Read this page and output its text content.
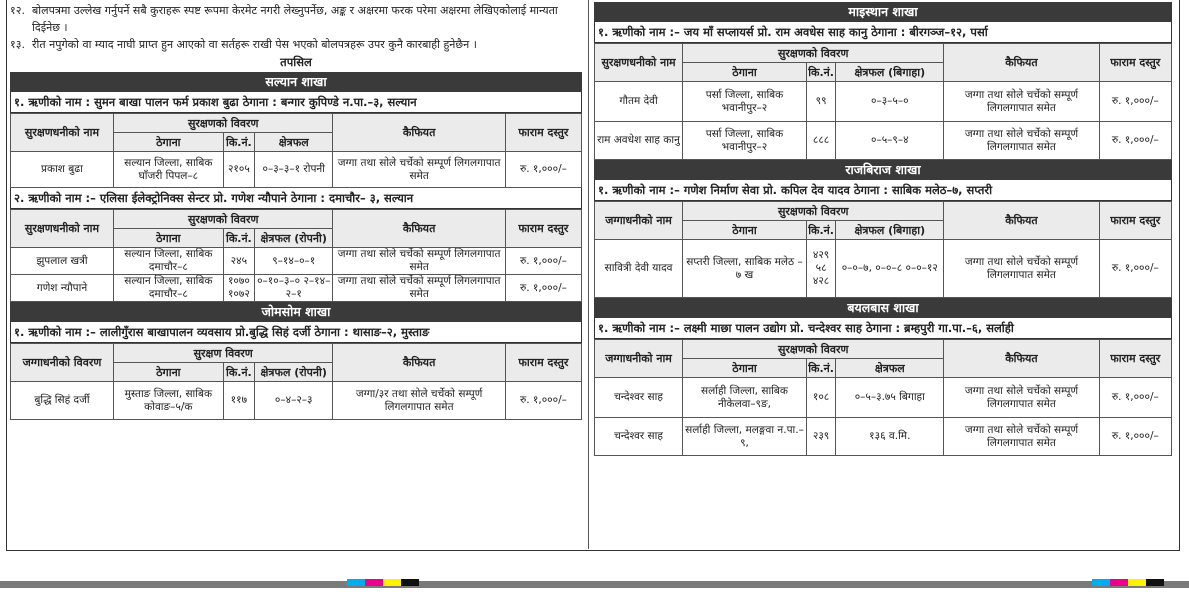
१२. बोलपत्रमा उल्लेख गर्नुपर्ने सबै कुराहरू स्पष्ट रूपमा केरमेट नगरी लेख्नुपर्नेछ, अङ्क र अक्षरमा फरक परेमा अक्षरमा लेखिएकोलाई मान्यता दिईनेछ ।
१३. रीत नपुगेको वा म्याद नाघी प्राप्त हुन आएको वा सर्तहरू राखी पेस भएको बोलपत्रहरू उपर कुनै कारबाही हुनेछैन ।
तपसिल
सल्यान शाखा
१. ऋणीको नाम : सुमन बाखा पालन फर्म प्रकाश बुढा ठेगाना : बन्गार कुपिण्डे न.पा.–३, सल्यान
सुरक्षणधनीको नाम	सुरक्षणको विवरण			कैफियत	फाराम दस्तुर
	ठेगाना	कि.नं.	क्षेत्रफल		
प्रकाश बुढा	सल्यान जिल्ला, साबिक घाँजरी पिपल–८	२१०५	०–३–३–१ रोपनी	जग्गा तथा सोले चर्चेको सम्पूर्ण लिगलगापात समेत	रु. १,०००/–
२. ऋणीको नाम :– एलिसा ईलेक्ट्रोनिक्स सेन्टर प्रो. गणेश न्यौपाने ठेगाना : दमाचौर– ३, सल्यान
सुरक्षणधनीको नाम	सुरक्षणको विवरण			कैफियत	फाराम दस्तुर
	ठेगाना	कि.नं.	क्षेत्रफल (रोपनी)		
झुपलाल खत्री	सल्यान जिल्ला, साबिक दमाचौर–८	२४५	९–१४–०–१	जग्गा तथा सोले चर्चेको सम्पूर्ण लिगलगापात समेत	रु. १,०००/–
गणेश न्यौपाने	सल्यान जिल्ला, साबिक दमाचौर–८	१०७० १०७२	०–१०–३–० २–१४–२–१	जग्गा तथा सोले चर्चेको सम्पूर्ण लिगलगापात समेत	रु. १,०००/–
जोमसोम शाखा
१. ऋणीको नाम :– लालीगुँरास बाखापालन व्यवसाय प्रो.बुद्धि सिहं दर्जी ठेगाना : थासाङ–२, मुस्ताङ
जग्गाधनीको विवरण	सुरक्षण विवरण			कैफियत	फाराम दस्तुर
	ठेगाना	कि.नं.	क्षेत्रफल (रोपनी)		
बुद्धि सिहं दर्जी	मुस्ताङ जिल्ला, साबिक कोवाङ–५/क	११७	०–४–२–३	जग्गा/३र तथा सोले चर्चेको सम्पूर्ण लिगलगापात समेत	रु. १,०००/–
माइस्थान शाखा
१. ऋणीको नाम :– जय माँ सप्लायर्स प्रो. राम अवधेस साह कानु ठेगाना : बीरगञ्ज–१२, पर्सा
सुरक्षणधनीको नाम	सुरक्षणको विवरण			कैफियत	फाराम दस्तुर
	ठेगाना	कि.नं.	क्षेत्रफल (बिगाहा)		
गौतम देवी	पर्सा जिल्ला, साबिक भवानीपुर–२	९९	०–३–५–०	जग्गा तथा सोले चर्चेको सम्पूर्ण लिगलगापात समेत	रु. १,०००/–
राम अवधेश साह कानु	पर्सा जिल्ला, साबिक भवानीपुर–२	८८८	०–५–९–४	जग्गा तथा सोले चर्चेको सम्पूर्ण लिगलगापात समेत	रु. १,०००/–
राजबिराज शाखा
१. ऋणीको नाम :– गणेश निर्माण सेवा प्रो. कपिल देव यादव ठेगाना : साबिक मलेठ–७, सप्तरी
जग्गाधनीको नाम	सुरक्षणको विवरण			कैफियत	फाराम दस्तुर
	ठेगाना	कि.नं.	क्षेत्रफल (बिगाहा)		
सावित्री देवी यादव	सप्तरी जिल्ला, साबिक मलेठ –७ ख	४२९ ५८ ४२८	०–०–७, ०–०–८ ०–०–१२	जग्गा तथा सोले चर्चेको सम्पूर्ण लिगलगापात समेत	रु. १,०००/–
बयलबास शाखा
१. ऋणीको नाम :– लक्ष्मी माछा पालन उद्योग प्रो. चन्देश्वर साह ठेगाना : ब्रम्हपुरी गा.पा.–६, सर्लाही
जग्गाधनीको नाम	सुरक्षणको विवरण			कैफियत	फाराम दस्तुर
	ठेगाना	कि.नं.	क्षेत्रफल		
चन्देश्वर साह	सर्लाही जिल्ला, साबिक नीकेलवा–९ङ,	१०८	०–५–३.७५ बिगाहा	जग्गा तथा सोले चर्चेको सम्पूर्ण लिगलगापात समेत	रु. १,०००/–
चन्देश्वर साह	सर्लाही जिल्ला, मलङ्गवा न.पा.–९,	२३९	१३६ व.मि.	जग्गा तथा सोले चर्चेको सम्पूर्ण लिगलगापात समेत	रु. १,०००/–
